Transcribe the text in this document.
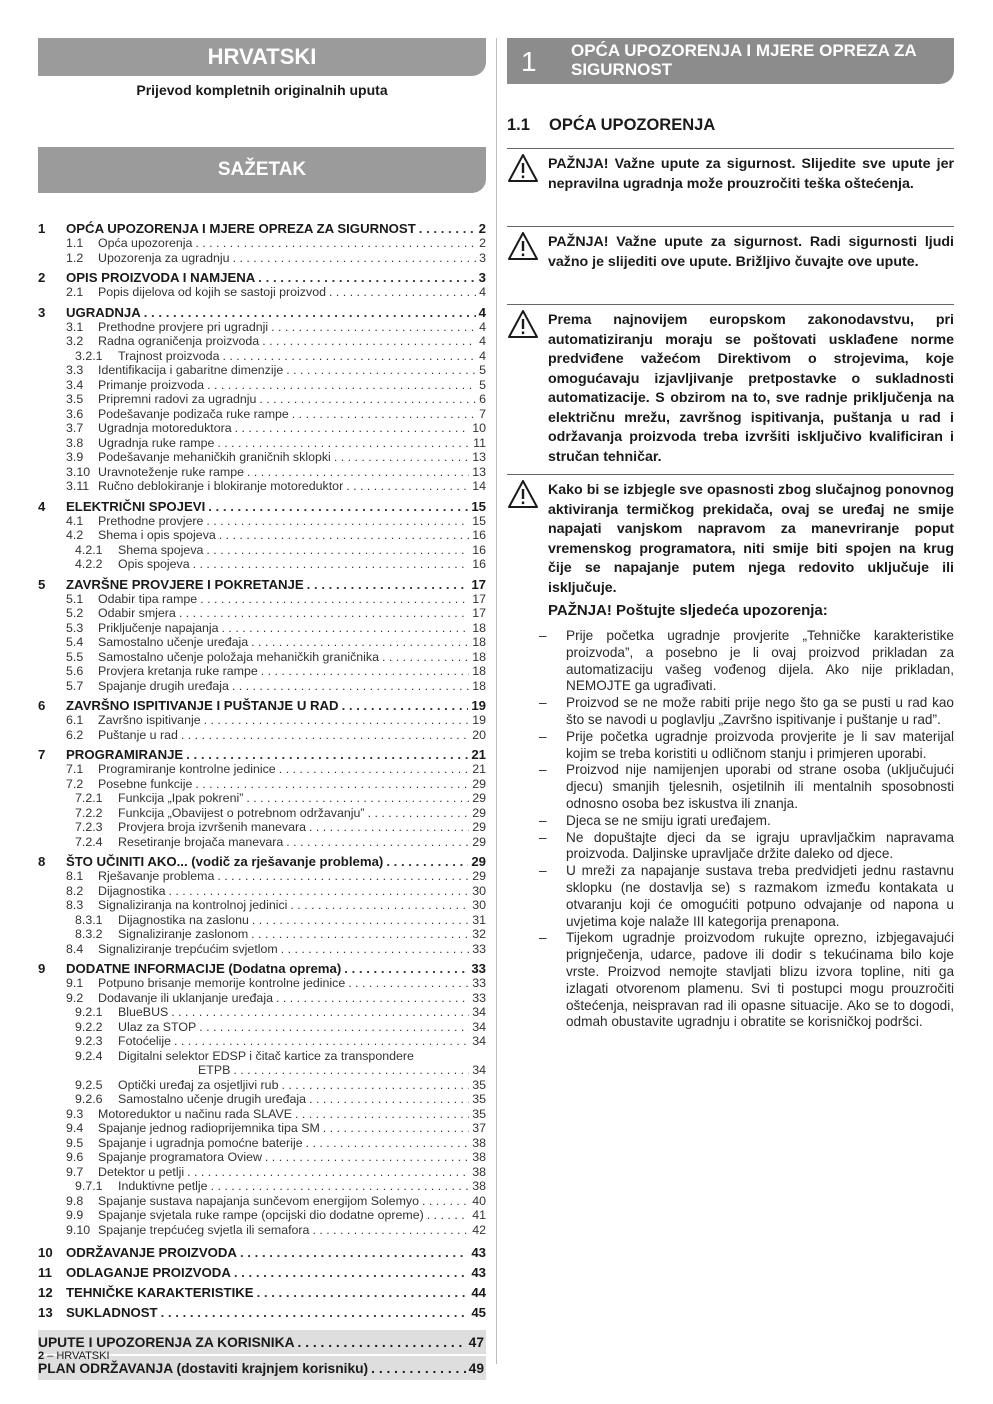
HRVATSKI
Prijevod kompletnih originalnih uputa
SAŽETAK
1	OPĆA UPOZORENJA I MJERE OPREZA ZA SIGURNOST . . .	2
1.1	Opća upozorenja . . .	2
1.2	Upozorenja za ugradnju . . .	3
2	OPIS PROIZVODA I NAMJENA . . .	3
2.1	Popis dijelova od kojih se sastoji proizvod . . .	4
3	UGRADNJA . . .	4
3.1	Prethodne provjere pri ugradnji . . .	4
3.2	Radna ograničenja proizvoda . . .	4
3.2.1	Trajnost proizvoda . . .	4
3.3	Identifikacija i gabaritne dimenzije . . .	5
3.4	Primanje proizvoda . . .	5
3.5	Pripremni radovi za ugradnju . . .	6
3.6	Podešavanje podizača ruke rampe . . .	7
3.7	Ugradnja motoreduktora . . .	10
3.8	Ugradnja ruke rampe . . .	11
3.9	Podešavanje mehaničkih graničnih sklopki . . .	13
3.10 Uravnoteženje ruke rampe . . .	13
3.11 Ručno deblokiranje i blokiranje motoreduktor . . .	14
4	ELEKTRIČNI SPOJEVI . . .	15
4.1	Prethodne provjere . . .	15
4.2	Shema i opis spojeva . . .	16
4.2.1	Shema spojeva . . .	16
4.2.2	Opis spojeva . . .	16
5	ZAVRŠNE PROVJERE I POKRETANJE . . .	17
5.1	Odabir tipa rampe . . .	17
5.2	Odabir smjera . . .	17
5.3	Priključenje napajanja . . .	18
5.4	Samostalno učenje uređaja . . .	18
5.5	Samostalno učenje položaja mehaničkih graničnika . . .	18
5.6	Provjera kretanja ruke rampe . . .	18
5.7	Spajanje drugih uređaja . . .	18
6	ZAVRŠNO ISPITIVANJE I PUŠTANJE U RAD . . .	19
6.1	Završno ispitivanje . . .	19
6.2	Puštanje u rad . . .	20
7	PROGRAMIRANJE . . .	21
7.1	Programiranje kontrolne jedinice . . .	21
7.2	Posebne funkcije . . .	29
7.2.1	Funkcija „Ipak pokreni” . . .	29
7.2.2	Funkcija „Obavijest o potrebnom održavanju” . . .	29
7.2.3	Provjera broja izvršenih manevara . . .	29
7.2.4	Resetiranje brojača manevara . . .	29
8	ŠTO UČINITI AKO... (vodič za rješavanje problema) . . .	29
8.1	Rješavanje problema . . .	29
8.2	Dijagnostika . . .	30
8.3	Signaliziranja na kontrolnoj jedinici . . .	30
8.3.1	Dijagnostika na zaslonu . . .	31
8.3.2	Signaliziranje zaslonom . . .	32
8.4	Signaliziranje trepćućim svjetlom . . .	33
9	DODATNE INFORMACIJE (Dodatna oprema) . . .	33
9.1	Potpuno brisanje memorije kontrolne jedinice . . .	33
9.2	Dodavanje ili uklanjanje uređaja . . .	33
9.2.1	BlueBUS . . .	34
9.2.2	Ulaz za STOP . . .	34
9.2.3	Fotoćelije . . .	34
9.2.4	Digitalni selektor EDSP i čitač kartice za transpondere
ETPB . . .	34
9.2.5	Optički uređaj za osjetljivi rub . . .	35
9.2.6	Samostalno učenje drugih uređaja . . .	35
9.3	Motoreduktor u načinu rada SLAVE . . .	35
9.4	Spajanje jednog radioprijemnika tipa SM . . .	37
9.5	Spajanje i ugradnja pomoćne baterije . . .	38
9.6	Spajanje programatora Oview . . .	38
9.7	Detektor u petlji . . .	38
9.7.1	Induktivne petlje . . .	38
9.8	Spajanje sustava napajanja sunčevom energijom Solemyo . . .	40
9.9	Spajanje svjetala ruke rampe (opcijski dio dodatne opreme) . . .	41
9.10 Spajanje trepćućeg svjetla ili semafora . . .	42
10	ODRŽAVANJE PROIZVODA . . .	43
11	ODLAGANJE PROIZVODA . . .	43
12	TEHNIČKE KARAKTERISTIKE . . .	44
13	SUKLADNOST . . .	45
UPUTE I UPOZORENJA ZA KORISNIKA . . .	47
PLAN ODRŽAVANJA (dostaviti krajnjem korisniku) . . .	49
2 – HRVATSKI
1 OPĆA UPOZORENJA I MJERE OPREZA ZA SIGURNOST
1.1 OPĆA UPOZORENJA
PAŽNJA! Važne upute za sigurnost. Slijedite sve upute jer nepravilna ugradnja može prouzročiti teška oštećenja.
PAŽNJA! Važne upute za sigurnost. Radi sigurnosti ljudi važno je slijediti ove upute. Brižljivo čuvajte ove upute.
Prema najnovijem europskom zakonodavstvu, pri automatiziranju moraju se poštovati usklađene norme predviđene važećom Direktivom o strojevima, koje omogućavaju izjavljivanje pretpostavke o sukladnosti automatizacije. S obzirom na to, sve radnje priključenja na električnu mrežu, završnog ispitivanja, puštanja u rad i održavanja proizvoda treba izvršiti isključivo kvalificiran i stručan tehničar.
Kako bi se izbjegle sve opasnosti zbog slučajnog ponovnog aktiviranja termičkog prekidača, ovaj se uređaj ne smije napajati vanjskom napravom za manevriranje poput vremenskog programatora, niti smije biti spojen na krug čije se napajanje putem njega redovito uključuje ili isključuje.
PAŽNJA! Poštujte sljedeća upozorenja:
– Prije početka ugradnje provjerite „Tehničke karakteristike proizvoda”, a posebno je li ovaj proizvod prikladan za automatizaciju vašeg vođenog dijela. Ako nije prikladan, NEMOJTE ga ugrađivati.
– Proizvod se ne može rabiti prije nego što ga se pusti u rad kao što se navodi u poglavlju „Završno ispitivanje i puštanje u rad”.
– Prije početka ugradnje proizvoda provjerite je li sav materijal kojim se treba koristiti u odličnom stanju i primjeren uporabi.
– Proizvod nije namijenjen uporabi od strane osoba (uključujući djecu) smanjih tjelesnih, osjetilnih ili mentalnih sposobnosti odnosno osoba bez iskustva ili znanja.
– Djeca se ne smiju igrati uređajem.
– Ne dopuštajte djeci da se igraju upravljačkim napravama proizvoda. Daljinske upravljače držite daleko od djece.
– U mreži za napajanje sustava treba predvidjeti jednu rastavnu sklopku (ne dostavlja se) s razmakom između kontakata u otvaranju koji će omogućiti potpuno odvajanje od napona u uvjetima koje nalaže III kategorija prenapona.
– Tijekom ugradnje proizvodom rukujte oprezno, izbjegavajući prignječenja, udarce, padove ili dodir s tekućinama bilo koje vrste. Proizvod nemojte stavljati blizu izvora topline, niti ga izlagati otvorenom plamenu. Svi ti postupci mogu prouzročiti oštećenja, neispravan rad ili opasne situacije. Ako se to dogodi, odmah obustavite ugradnju i obratite se korisničkoj podršci.
